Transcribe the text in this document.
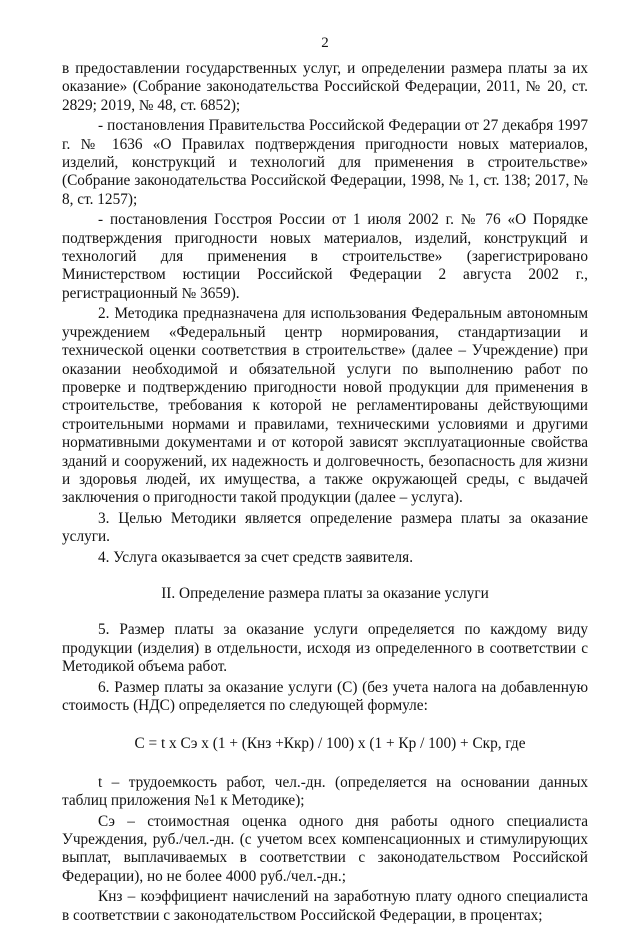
2

в предоставлении государственных услуг, и определении размера платы за их оказание» (Собрание законодательства Российской Федерации, 2011, № 20, ст. 2829; 2019, № 48, ст. 6852);

- постановления Правительства Российской Федерации от 27 декабря 1997 г. № 1636 «О Правилах подтверждения пригодности новых материалов, изделий, конструкций и технологий для применения в строительстве» (Собрание законодательства Российской Федерации, 1998, № 1, ст. 138; 2017, № 8, ст. 1257);

- постановления Госстроя России от 1 июля 2002 г. № 76 «О Порядке подтверждения пригодности новых материалов, изделий, конструкций и технологий для применения в строительстве» (зарегистрировано Министерством юстиции Российской Федерации 2 августа 2002 г., регистрационный № 3659).

2. Методика предназначена для использования Федеральным автономным учреждением «Федеральный центр нормирования, стандартизации и технической оценки соответствия в строительстве» (далее – Учреждение) при оказании необходимой и обязательной услуги по выполнению работ по проверке и подтверждению пригодности новой продукции для применения в строительстве, требования к которой не регламентированы действующими строительными нормами и правилами, техническими условиями и другими нормативными документами и от которой зависят эксплуатационные свойства зданий и сооружений, их надежность и долговечность, безопасность для жизни и здоровья людей, их имущества, а также окружающей среды, с выдачей заключения о пригодности такой продукции (далее – услуга).

3. Целью Методики является определение размера платы за оказание услуги.

4. Услуга оказывается за счет средств заявителя.

II. Определение размера платы за оказание услуги

5. Размер платы за оказание услуги определяется по каждому виду продукции (изделия) в отдельности, исходя из определенного в соответствии с Методикой объема работ.

6. Размер платы за оказание услуги (С) (без учета налога на добавленную стоимость (НДС) определяется по следующей формуле:

С = t x Сэ x (1 + (Кнз +Ккр) / 100) x (1 + Кр / 100) + Скр, где

t – трудоемкость работ, чел.-дн. (определяется на основании данных таблиц приложения №1 к Методике);

Сэ – стоимостная оценка одного дня работы одного специалиста Учреждения, руб./чел.-дн. (с учетом всех компенсационных и стимулирующих выплат, выплачиваемых в соответствии с законодательством Российской Федерации), но не более 4000 руб./чел.-дн.;

Кнз – коэффициент начислений на заработную плату одного специалиста в соответствии с законодательством Российской Федерации, в процентах;
